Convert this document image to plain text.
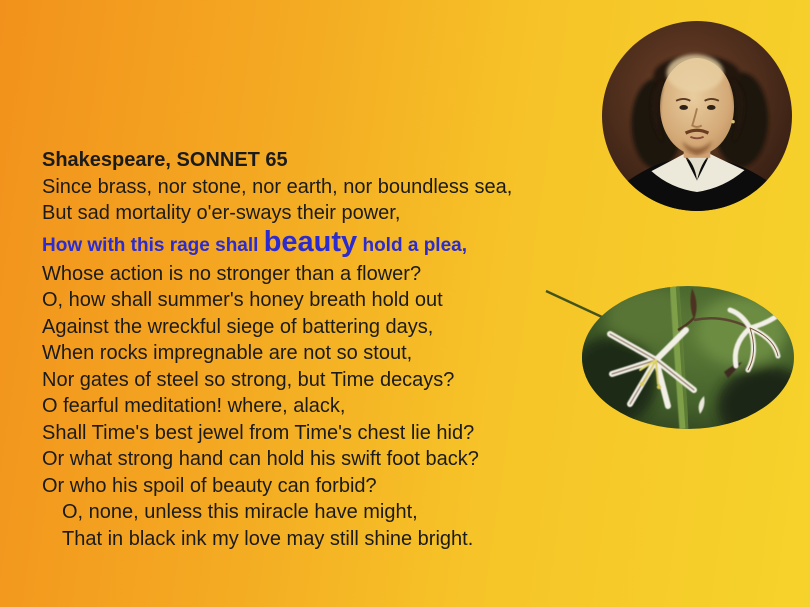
Shakespeare, SONNET 65
Since brass, nor stone, nor earth, nor boundless sea,
But sad mortality o'er-sways their power,
How with this rage shall beauty hold a plea,
Whose action is no stronger than a flower?
O, how shall summer's honey breath hold out
Against the wreckful siege of battering days,
When rocks impregnable are not so stout,
Nor gates of steel so strong, but Time decays?
O fearful meditation! where, alack,
Shall Time's best jewel from Time's chest lie hid?
Or what strong hand can hold his swift foot back?
Or who his spoil of beauty can forbid?
O, none, unless this miracle have might,
That in black ink my love may still shine bright.
